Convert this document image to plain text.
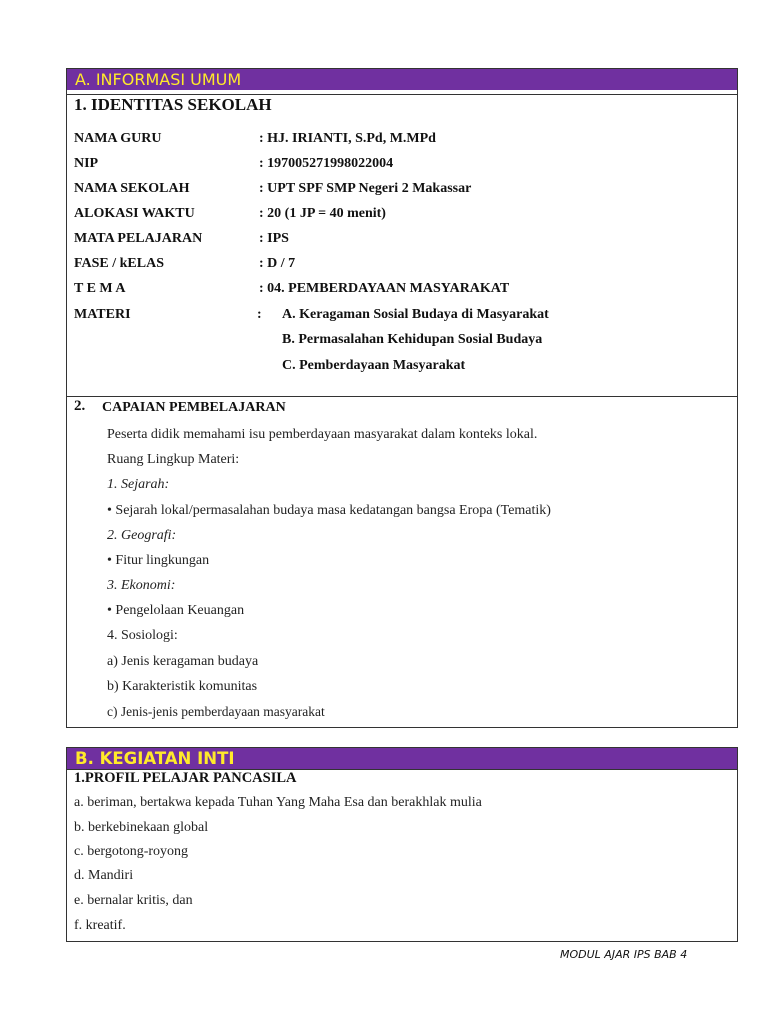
A. INFORMASI UMUM
1. IDENTITAS SEKOLAH
NAMA GURU	: HJ. IRIANTI, S.Pd, M.MPd
NIP	: 197005271998022004
NAMA SEKOLAH	: UPT SPF SMP Negeri 2 Makassar
ALOKASI WAKTU	: 20 (1 JP = 40 menit)
MATA PELAJARAN	: IPS
FASE / kELAS	: D / 7
T E M A	: 04. PEMBERDAYAAN MASYARAKAT
MATERI	: A. Keragaman Sosial Budaya di Masyarakat
B. Permasalahan Kehidupan Sosial Budaya
C. Pemberdayaan Masyarakat
2. CAPAIAN PEMBELAJARAN
Peserta didik memahami isu pemberdayaan masyarakat dalam konteks lokal.
Ruang Lingkup Materi:
1. Sejarah:
• Sejarah lokal/permasalahan budaya masa kedatangan bangsa Eropa (Tematik)
2. Geografi:
• Fitur lingkungan
3. Ekonomi:
• Pengelolaan Keuangan
4. Sosiologi:
a) Jenis keragaman budaya
b) Karakteristik komunitas
c) Jenis-jenis pemberdayaan masyarakat
B. KEGIATAN INTI
1.PROFIL PELAJAR PANCASILA
a. beriman, bertakwa kepada Tuhan Yang Maha Esa dan berakhlak mulia
b. berkebinekaan global
c. bergotong-royong
d. Mandiri
e. bernalar kritis, dan
f. kreatif.
MODUL AJAR IPS BAB 4
